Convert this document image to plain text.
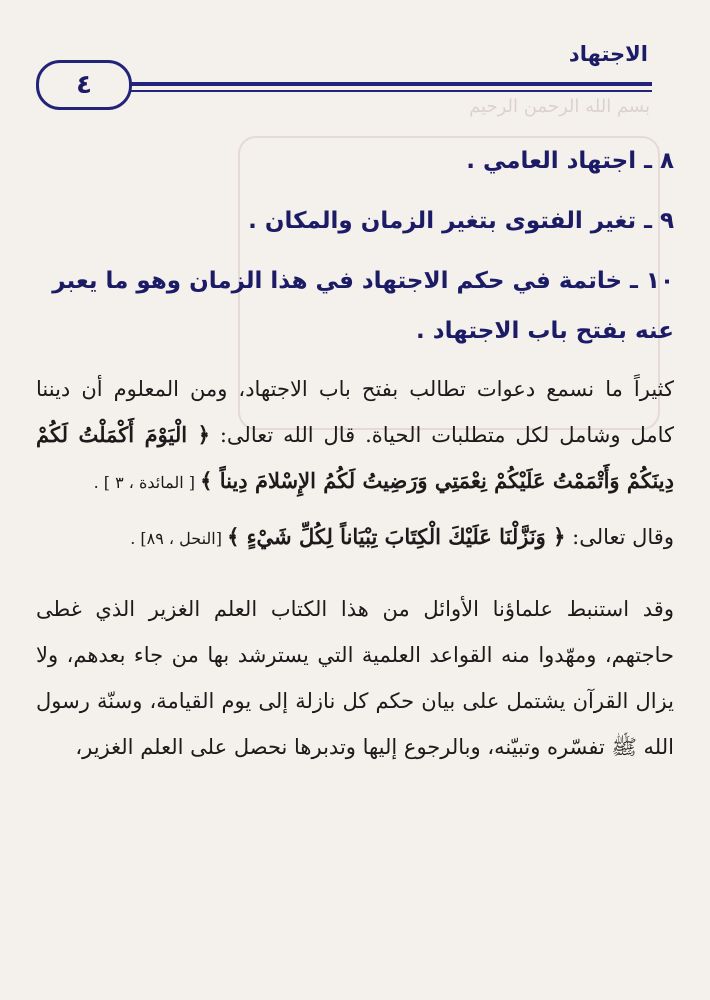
بسم الله الرحمن الرحيم
الاجتهاد
٤

٨ ـ اجتهاد العامي .

٩ ـ تغير الفتوى بتغير الزمان والمكان .

١٠ ـ خاتمة في حكم الاجتهاد في هذا الزمان وهو ما يعبر عنه بفتح باب الاجتهاد .

كثيراً ما نسمع دعوات تطالب بفتح باب الاجتهاد، ومن المعلوم أن ديننا كامل وشامل لكل متطلبات الحياة. قال الله تعالى: ﴿ الْيَوْمَ أَكْمَلْتُ لَكُمْ دِينَكُمْ وَأَتْمَمْتُ عَلَيْكُمْ نِعْمَتِي وَرَضِيتُ لَكُمُ الإِسْلامَ دِيناً ﴾ [ المائدة ، ٣ ] .

وقال تعالى: ﴿ وَنَزَّلْنَا عَلَيْكَ الْكِتَابَ تِبْيَاناً لِكُلِّ شَيْءٍ ﴾ [النحل ، ٨٩] .

وقد استنبط علماؤنا الأوائل من هذا الكتاب العلم الغزير الذي غطى حاجتهم، ومهّدوا منه القواعد العلمية التي يسترشد بها من جاء بعدهم، ولا يزال القرآن يشتمل على بيان حكم كل نازلة إلى يوم القيامة، وسنّة رسول الله ﷺ تفسّره وتبيّنه، وبالرجوع إليها وتدبرها نحصل على العلم الغزير،
